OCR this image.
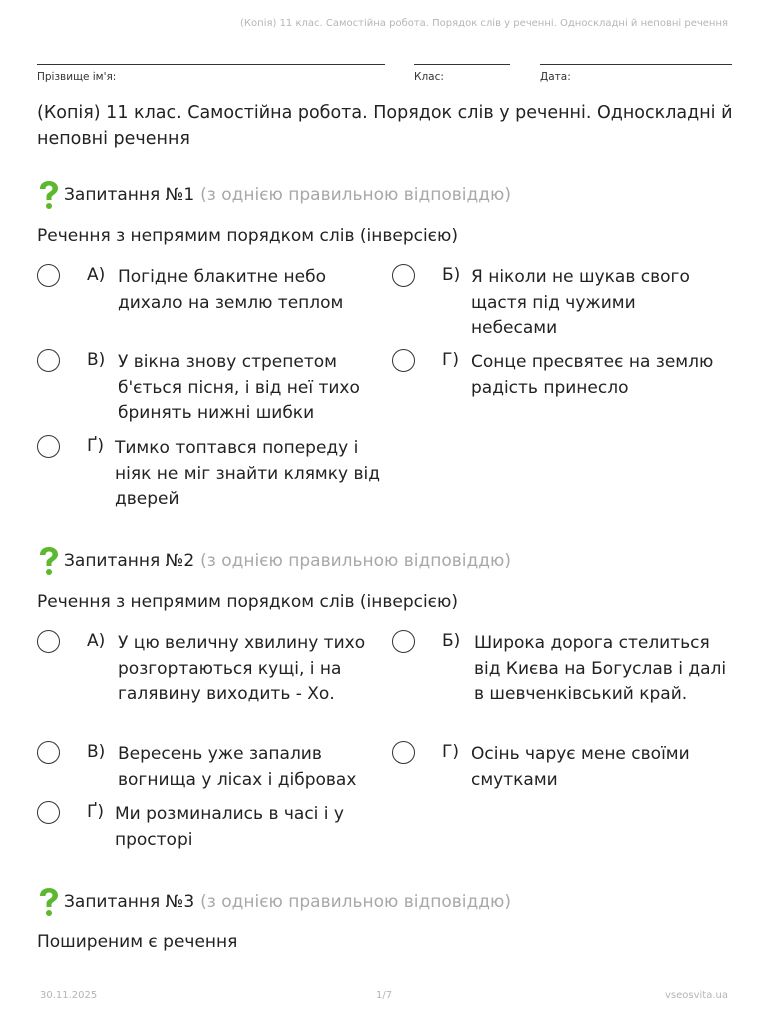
(Копія) 11 клас. Самостійна робота. Порядок слів у реченні. Односкладні й неповні речення
Прізвище ім'я:	Клас:	Дата:
(Копія) 11 клас. Самостійна робота. Порядок слів у реченні. Односкладні й неповні речення
Запитання №1 (з однією правильною відповіддю)
Речення з непрямим порядком слів (інверсією)
А) Погідне блакитне небо дихало на землю теплом
Б) Я ніколи не шукав свого щастя під чужими небесами
В) У вікна знову стрепетом б'ється пісня, і від неї тихо бринять нижні шибки
Г) Сонце пресвятеє на землю радість принесло
Ґ) Тимко топтався попереду і ніяк не міг знайти клямку від дверей
Запитання №2 (з однією правильною відповіддю)
Речення з непрямим порядком слів (інверсією)
А) У цю величну хвилину тихо розгортаються кущі, і на галявину виходить - Хо.
Б) Широка дорога стелиться від Києва на Богуслав і далі в шевченківський край.
В) Вересень уже запалив вогнища у лісах і дібровах
Г) Осінь чарує мене своїми смутками
Ґ) Ми розминались в часі і у просторі
Запитання №3 (з однією правильною відповіддю)
Поширеним є речення
30.11.2025	1/7	vseosvita.ua
